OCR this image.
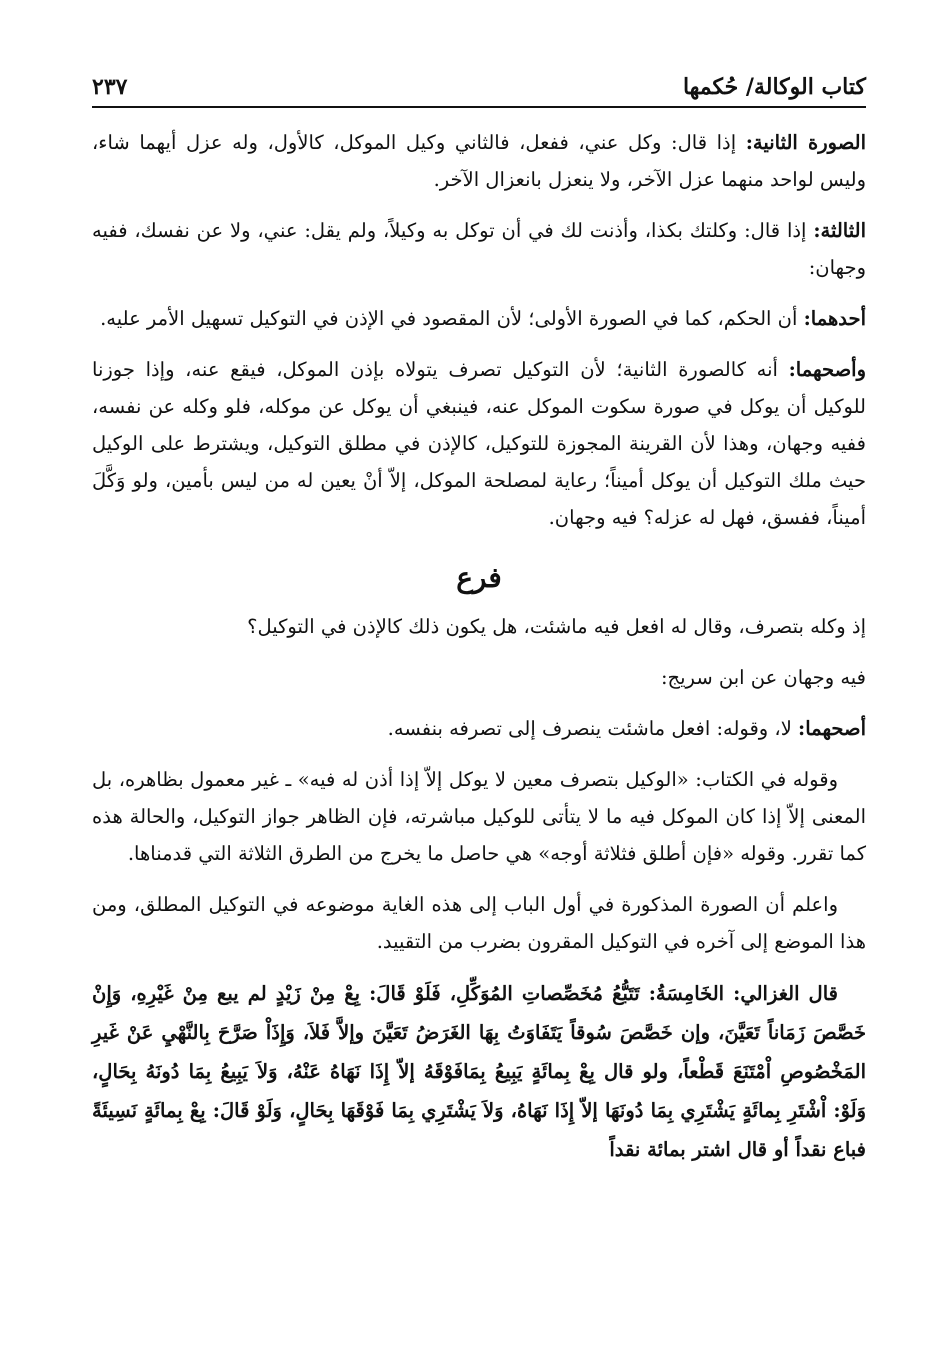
كتاب الوكالة/ حُكمها
٢٣٧

الصورة الثانية: إذا قال: وكل عني، ففعل، فالثاني وكيل الموكل، كالأول، وله عزل أيهما شاء، وليس لواحد منهما عزل الآخر، ولا ينعزل بانعزال الآخر.

الثالثة: إذا قال: وكلتك بكذا، وأذنت لك في أن توكل به وكيلاً، ولم يقل: عني، ولا عن نفسك، ففيه وجهان:

أحدهما: أن الحكم، كما في الصورة الأولى؛ لأن المقصود في الإذن في التوكيل تسهيل الأمر عليه.

وأصحهما: أنه كالصورة الثانية؛ لأن التوكيل تصرف يتولاه بإذن الموكل، فيقع عنه، وإذا جوزنا للوكيل أن يوكل في صورة سكوت الموكل عنه، فينبغي أن يوكل عن موكله، فلو وكله عن نفسه، ففيه وجهان، وهذا لأن القرينة المجوزة للتوكيل، كالإذن في مطلق التوكيل، ويشترط على الوكيل حيث ملك التوكيل أن يوكل أميناً؛ رعاية لمصلحة الموكل، إلاّ أنْ يعين له من ليس بأمين، ولو وَكَّلَ أميناً، ففسق، فهل له عزله؟ فيه وجهان.

فرع

إذ وكله بتصرف، وقال له افعل فيه ماشئت، هل يكون ذلك كالإذن في التوكيل؟

فيه وجهان عن ابن سريج:

أصحهما: لا، وقوله: افعل ماشئت ينصرف إلى تصرفه بنفسه.

وقوله في الكتاب: «الوكيل بتصرف معين لا يوكل إلاّ إذا أذن له فيه» ـ غير معمول بظاهره، بل المعنى إلاّ إذا كان الموكل فيه ما لا يتأتى للوكيل مباشرته، فإن الظاهر جواز التوكيل، والحالة هذه كما تقرر. وقوله «فإن أطلق فثلاثة أوجه» هي حاصل ما يخرج من الطرق الثلاثة التي قدمناها.

واعلم أن الصورة المذكورة في أول الباب إلى هذه الغاية موضوعه في التوكيل المطلق، ومن هذا الموضع إلى آخره في التوكيل المقرون بضرب من التقييد.

قال الغزالي: الخَامِسَةُ: تَتَبُّعُ مُخَصِّصاتِ المُوَكِّلِ، فَلَوْ قَالَ: بِعْ مِنْ زَيْدٍ لم يبع مِنْ غَيْرِهِ، وَإِنْ خَصَّصَ زَمَاناً تَعَيَّنَ، وإن خَصَّصَ سُوقاً يَتَفَاوَتُ بِهَا الغَرَضُ تَعَيَّنَ وإلاَّ فَلاَ، وَإِذَاْ صَرَّحَ بِالنَّهْيِ عَنْ غَيرِ المَخْصُوصِ اْمْتَنَعَ قَطْعاً، ولو قال بِعْ بِمائَةٍ يَبِيعُ بِمَافَوْقَهُ إلاّ إِذَا نَهَاهُ عَنْهُ، وَلاَ يَبِيعُ بِمَا دُونَهُ بِحَالٍ، وَلَوْ: اْشْتَرِ بِمائَةٍ يَشْتَرِي بِمَا دُونَهَا إلاّ إِذَا نَهَاهُ، وَلاَ يَشْتَرِي بِمَا فَوْقَهَا بِحَالٍ، وَلَوْ قَالَ: بِعْ بِمائَةٍ نَسِيئَةً فباع نقداً أو قال اشتر بمائة نقداً
